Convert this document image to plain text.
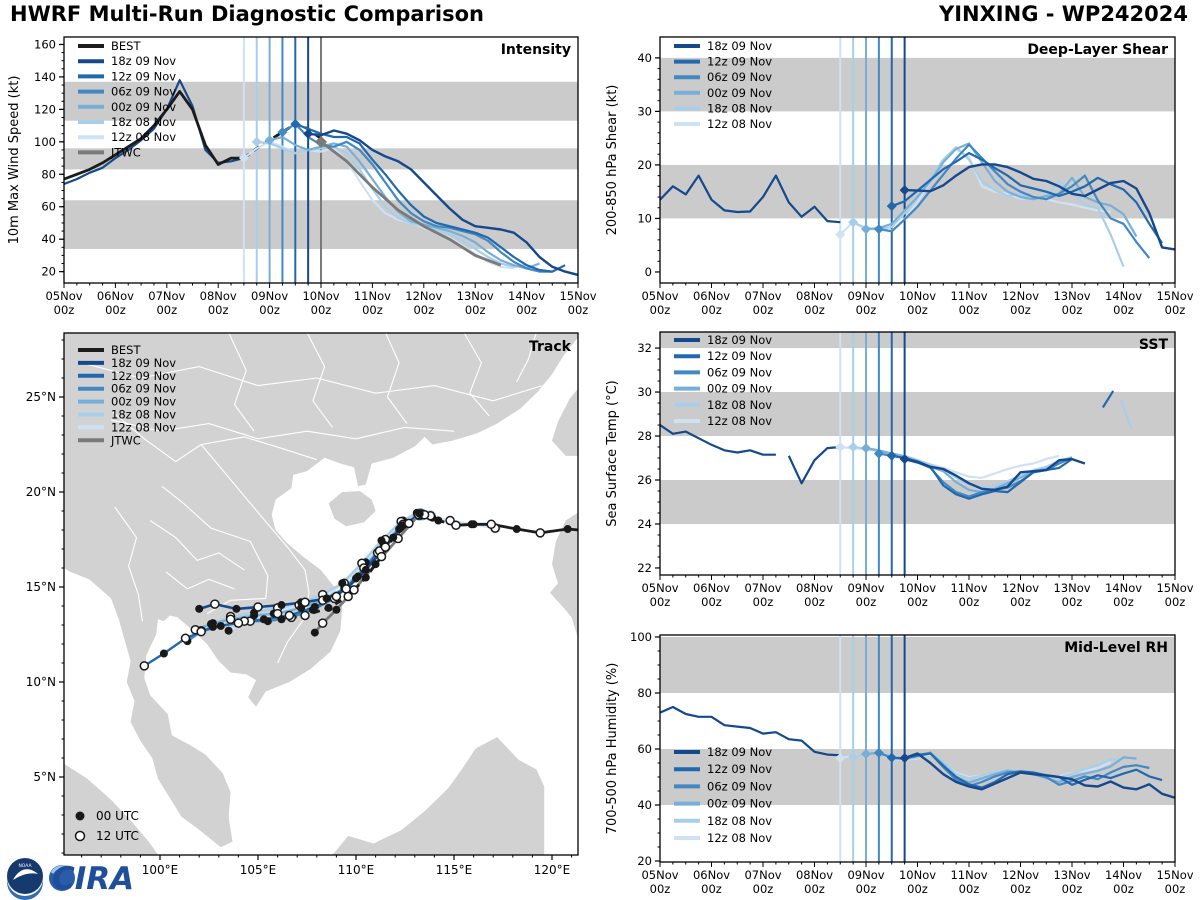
HWRF Multi-Run Diagnostic Comparison	YINXING - WP242024
05Nov
00z
06Nov
00z
07Nov
00z
08Nov
00z
09Nov
00z
10Nov
00z
11Nov
00z
12Nov
00z
13Nov
00z
14Nov
00z
15Nov
00z
20
40
60
80
100
120
140
160	Intensity
10m Max Wind Speed (kt)
BEST
18z 09 Nov
12z 09 Nov
06z 09 Nov
00z 09 Nov
18z 08 Nov
12z 08 Nov
JTWC
05Nov
00z
06Nov
00z
07Nov
00z
08Nov
00z
09Nov
00z
10Nov
00z
11Nov
00z
12Nov
00z
13Nov
00z
14Nov
00z
15Nov
00z
0
10
20
30
40	Deep-Layer Shear
200-850 hPa Shear (kt)
18z 09 Nov
12z 09 Nov
06z 09 Nov
00z 09 Nov
18z 08 Nov
12z 08 Nov
05Nov
00z
06Nov
00z
07Nov
00z
08Nov
00z
09Nov
00z
10Nov
00z
11Nov
00z
12Nov
00z
13Nov
00z
14Nov
00z
15Nov
00z
22
24
26
28
30
32	SST
Sea Surface Temp (°C)
18z 09 Nov
12z 09 Nov
06z 09 Nov
00z 09 Nov
18z 08 Nov
12z 08 Nov
05Nov
00z
06Nov
00z
07Nov
00z
08Nov
00z
09Nov
00z
10Nov
00z
11Nov
00z
12Nov
00z
13Nov
00z
14Nov
00z
15Nov
00z
20
40
60
80
100
Mid-Level RH
700-500 hPa Humidity (%)	18z 09 Nov
12z 09 Nov
06z 09 Nov
00z 09 Nov
18z 08 Nov
12z 08 Nov
100°E	105°E	110°E	115°E	120°E
5°N
10°N
15°N
20°N
25°N
Track
BEST
18z 09 Nov
12z 09 Nov
06z 09 Nov
00z 09 Nov
18z 08 Nov
12z 08 Nov
JTWC
00 UTC
12 UTC
NOAA CIRA
